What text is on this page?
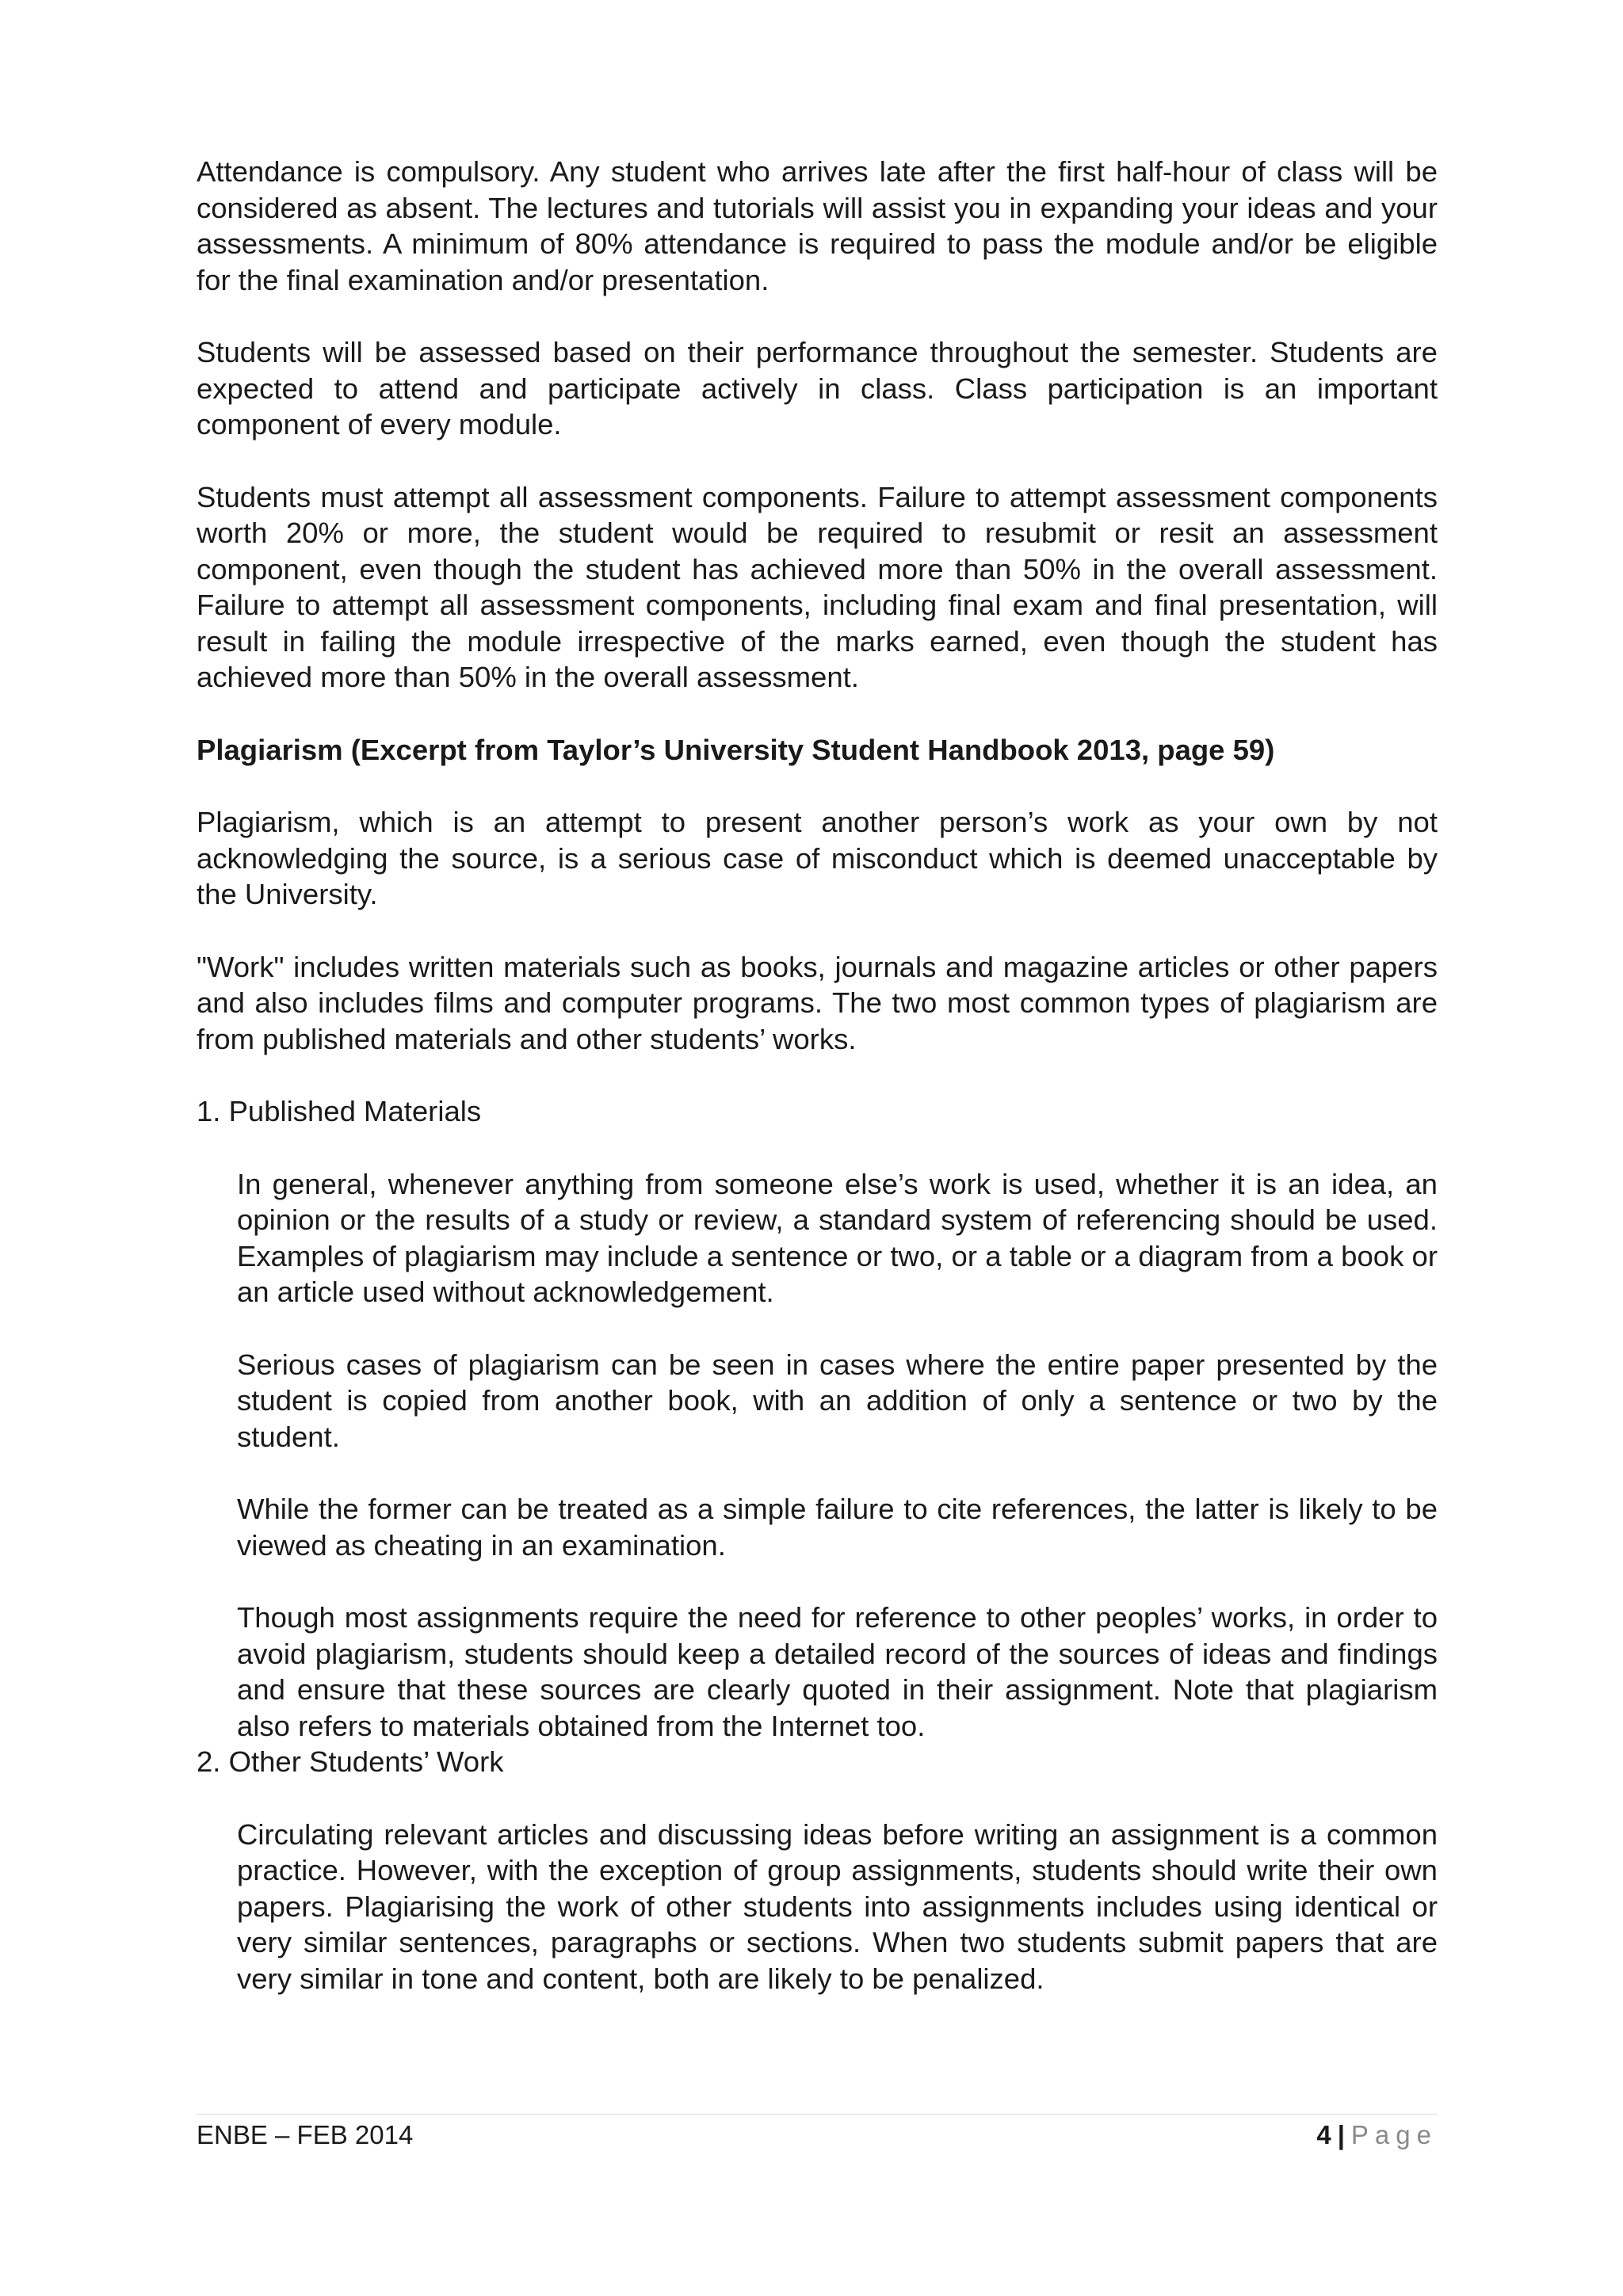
Attendance is compulsory. Any student who arrives late after the first half-hour of class will be considered as absent. The lectures and tutorials will assist you in expanding your ideas and your assessments. A minimum of 80% attendance is required to pass the module and/or be eligible for the final examination and/or presentation.

Students will be assessed based on their performance throughout the semester. Students are expected to attend and participate actively in class. Class participation is an important component of every module.

Students must attempt all assessment components. Failure to attempt assessment components worth 20% or more, the student would be required to resubmit or resit an assessment component, even though the student has achieved more than 50% in the overall assessment. Failure to attempt all assessment components, including final exam and final presentation, will result in failing the module irrespective of the marks earned, even though the student has achieved more than 50% in the overall assessment.

Plagiarism (Excerpt from Taylor’s University Student Handbook 2013, page 59)

Plagiarism, which is an attempt to present another person’s work as your own by not acknowledging the source, is a serious case of misconduct which is deemed unacceptable by the University.

"Work" includes written materials such as books, journals and magazine articles or other papers and also includes films and computer programs. The two most common types of plagiarism are from published materials and other students’ works.

1. Published Materials

In general, whenever anything from someone else’s work is used, whether it is an idea, an opinion or the results of a study or review, a standard system of referencing should be used. Examples of plagiarism may include a sentence or two, or a table or a diagram from a book or an article used without acknowledgement.

Serious cases of plagiarism can be seen in cases where the entire paper presented by the student is copied from another book, with an addition of only a sentence or two by the student.

While the former can be treated as a simple failure to cite references, the latter is likely to be viewed as cheating in an examination.

Though most assignments require the need for reference to other peoples’ works, in order to avoid plagiarism, students should keep a detailed record of the sources of ideas and findings and ensure that these sources are clearly quoted in their assignment. Note that plagiarism also refers to materials obtained from the Internet too.

2. Other Students’ Work

Circulating relevant articles and discussing ideas before writing an assignment is a common practice. However, with the exception of group assignments, students should write their own papers. Plagiarising the work of other students into assignments includes using identical or very similar sentences, paragraphs or sections. When two students submit papers that are very similar in tone and content, both are likely to be penalized.

ENBE – FEB 2014	4 | Page
